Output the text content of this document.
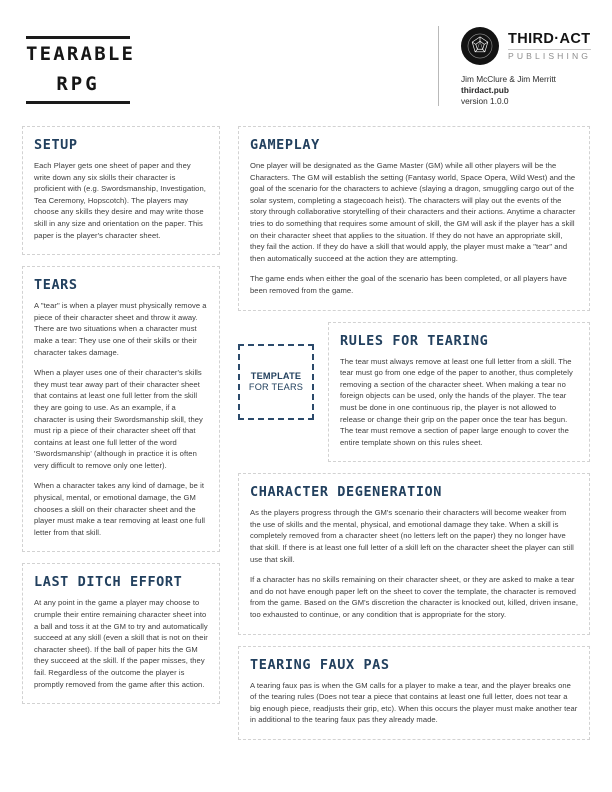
TEARABLE
RPG
THIRD·ACT
PUBLISHING
Jim McClure & Jim Merritt
thirdact.pub
version 1.0.0
SETUP

Each Player gets one sheet of paper and they write down any six skills their character is proficient with (e.g. Swordsmanship, Investigation, Tea Ceremony, Hopscotch). The players may choose any skills they desire and may write those skill in any size and orientation on the paper. This paper is the player's character sheet.

TEARS

A "tear" is when a player must physically remove a piece of their character sheet and throw it away. There are two situations when a character must make a tear: They use one of their skills or their character takes damage.

When a player uses one of their character's skills they must tear away part of their character sheet that contains at least one full letter from the skill they are going to use. As an example, if a character is using their Swordsmanship skill, they must rip a piece of their character sheet off that contains at least one full letter of the word 'Swordsmanship' (although in practice it is often very difficult to remove only one letter).

When a character takes any kind of damage, be it physical, mental, or emotional damage, the GM chooses a skill on their character sheet and the player must make a tear removing at least one full letter from that skill.

LAST DITCH EFFORT

At any point in the game a player may choose to crumple their entire remaining character sheet into a ball and toss it at the GM to try and automatically succeed at any skill (even a skill that is not on their character sheet). If the ball of paper hits the GM they succeed at the skill. If the paper misses, they fail. Regardless of the outcome the player is promptly removed from the game after this action.

GAMEPLAY

One player will be designated as the Game Master (GM) while all other players will be the Characters. The GM will establish the setting (Fantasy world, Space Opera, Wild West) and the goal of the scenario for the characters to achieve (slaying a dragon, smuggling cargo out of the solar system, completing a stagecoach heist). The characters will play out the events of the story through collaborative storytelling of their characters and their actions. Anytime a character tries to do something that requires some amount of skill, the GM will ask if the player has a skill on their character sheet that applies to the situation. If they do not have an appropriate skill, they fail the action. If they do have a skill that would apply, the player must make a "tear" and then automatically succeed at the action they are attempting.

The game ends when either the goal of the scenario has been completed, or all players have been removed from the game.

TEMPLATE
FOR TEARS
RULES FOR TEARING

The tear must always remove at least one full letter from a skill. The tear must go from one edge of the paper to another, thus completely removing a section of the character sheet. When making a tear no foreign objects can be used, only the hands of the player. The tear must be done in one continuous rip, the player is not allowed to release or change their grip on the paper once the tear has begun. The tear must remove a section of paper large enough to cover the entire template shown on this rules sheet.

CHARACTER DEGENERATION

As the players progress through the GM's scenario their characters will become weaker from the use of skills and the mental, physical, and emotional damage they take. When a skill is completely removed from a character sheet (no letters left on the paper) they no longer have that skill. If there is at least one full letter of a skill left on the character sheet the player can still use that skill.

If a character has no skills remaining on their character sheet, or they are asked to make a tear and do not have enough paper left on the sheet to cover the template, the character is removed from the game. Based on the GM's discretion the character is knocked out, killed, driven insane, too exhausted to continue, or any condition that is appropriate for the story.

TEARING FAUX PAS

A tearing faux pas is when the GM calls for a player to make a tear, and the player breaks one of the tearing rules (Does not tear a piece that contains at least one full letter, does not tear a big enough piece, readjusts their grip, etc). When this occurs the player must make another tear in additional to the tearing faux pas they already made.
